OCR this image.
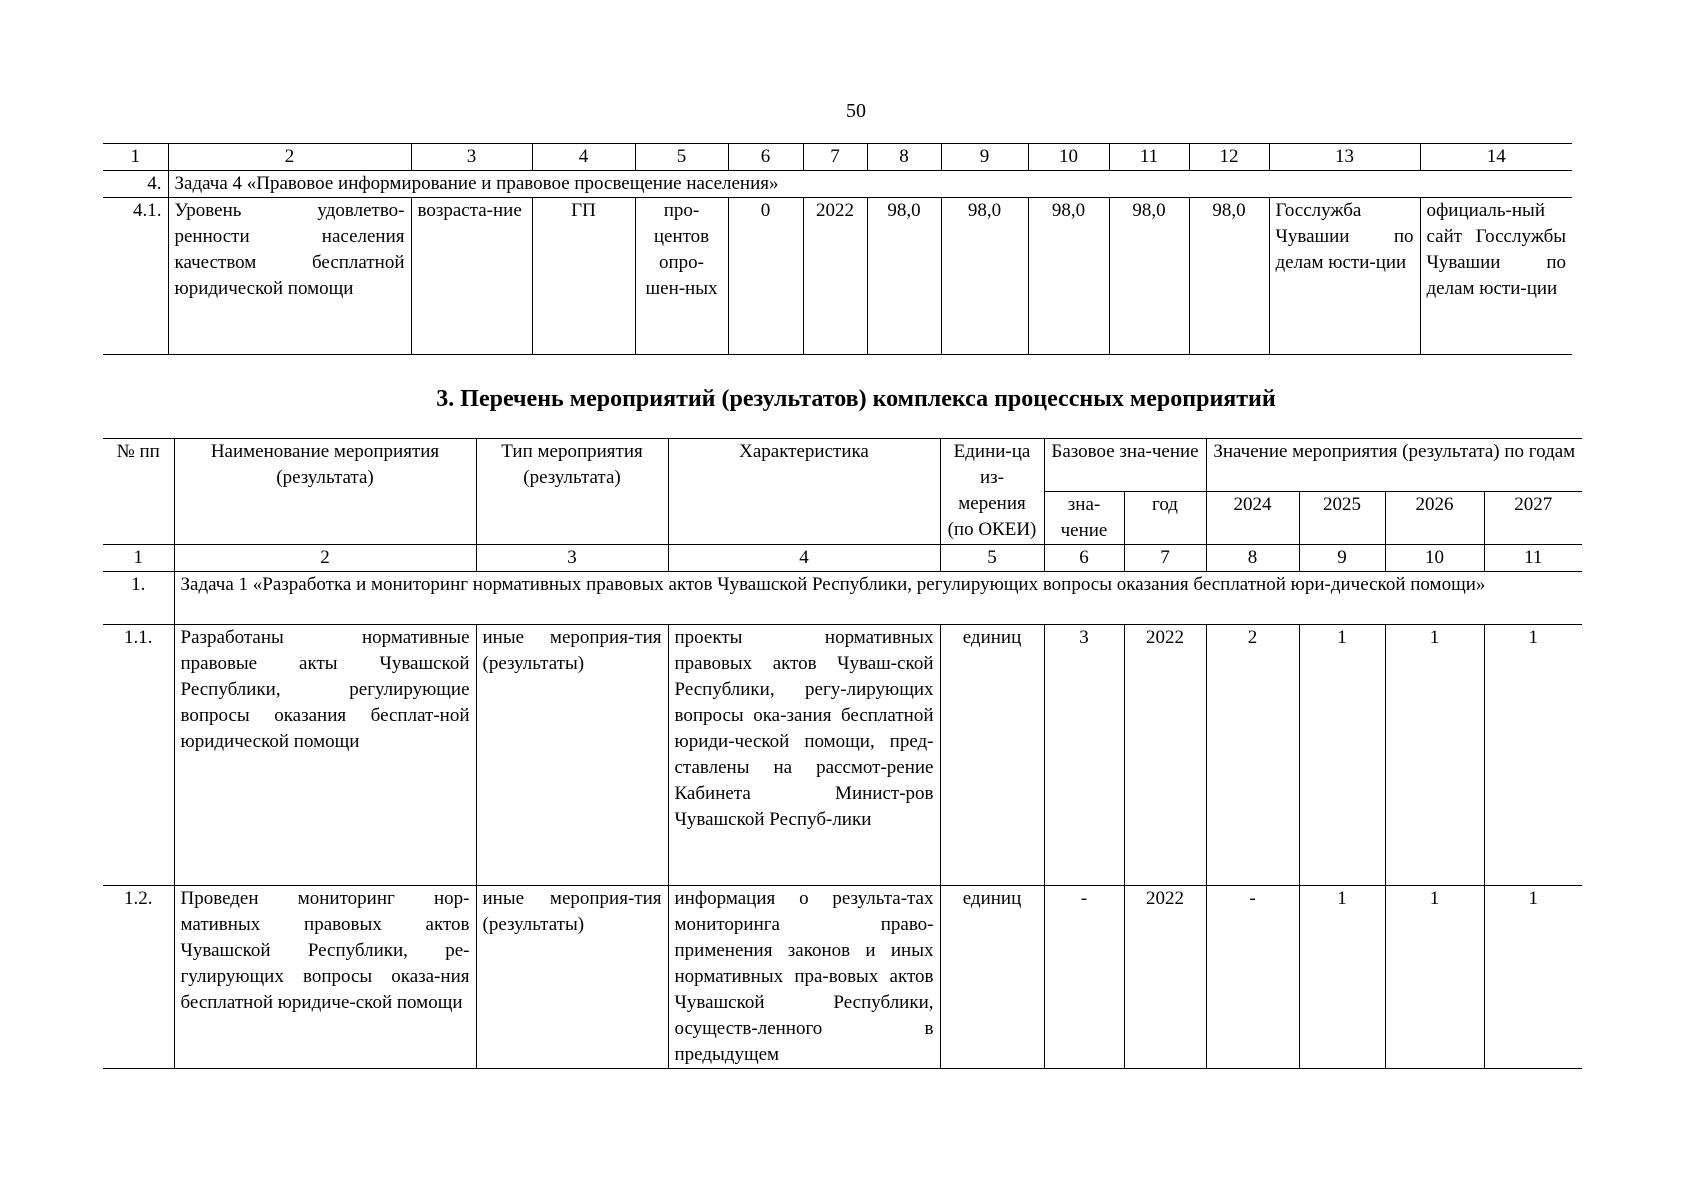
50
1	2	3	4	5	6	7	8	9	10	11	12	13	14
4.	Задача 4 «Правовое информирование и правовое просвещение населения»												
4.1.	Уровень удовлетво-ренности населения качеством бесплатной юридической помощи	возраста-ние	ГП	про-центов опро-шен-ных	0	2022	98,0	98,0	98,0	98,0	98,0	Госслужба Чувашии по делам юсти-ции	официаль-ный сайт Госслужбы Чувашии по делам юсти-ции
3. Перечень мероприятий (результатов) комплекса процессных мероприятий
№ пп	Наименование мероприятия (результата)	Тип мероприятия (результата)	Характеристика	Едини-ца из-мерения (по ОКЕИ)	Базовое зна-чение		Значение мероприятия (результата) по годам			
					зна-чение	год	2024	2025	2026	2027

1	2	3	4	5	6	7	8	9	10	11
1.	Задача 1 «Разработка и мониторинг нормативных правовых актов Чувашской Республики, регулирующих вопросы оказания бесплатной юри-дической помощи»									
1.1.	Разработаны нормативные правовые акты Чувашской Республики, регулирующие вопросы оказания бесплат-ной юридической помощи	иные мероприя-тия (результаты)	проекты нормативных правовых актов Чуваш-ской Республики, регу-лирующих вопросы ока-зания бесплатной юриди-ческой помощи, пред-ставлены на рассмот-рение Кабинета Минист-ров Чувашской Респуб-лики	единиц	3	2022	2	1	1	1
1.2.	Проведен мониторинг нор-мативных правовых актов Чувашской Республики, ре-гулирующих вопросы оказа-ния бесплатной юридиче-ской помощи	иные мероприя-тия (результаты)	информация о результа-тах мониторинга право-применения законов и иных нормативных пра-вовых актов Чувашской Республики, осуществ-ленного в предыдущем	единиц	-	2022	-	1	1	1
